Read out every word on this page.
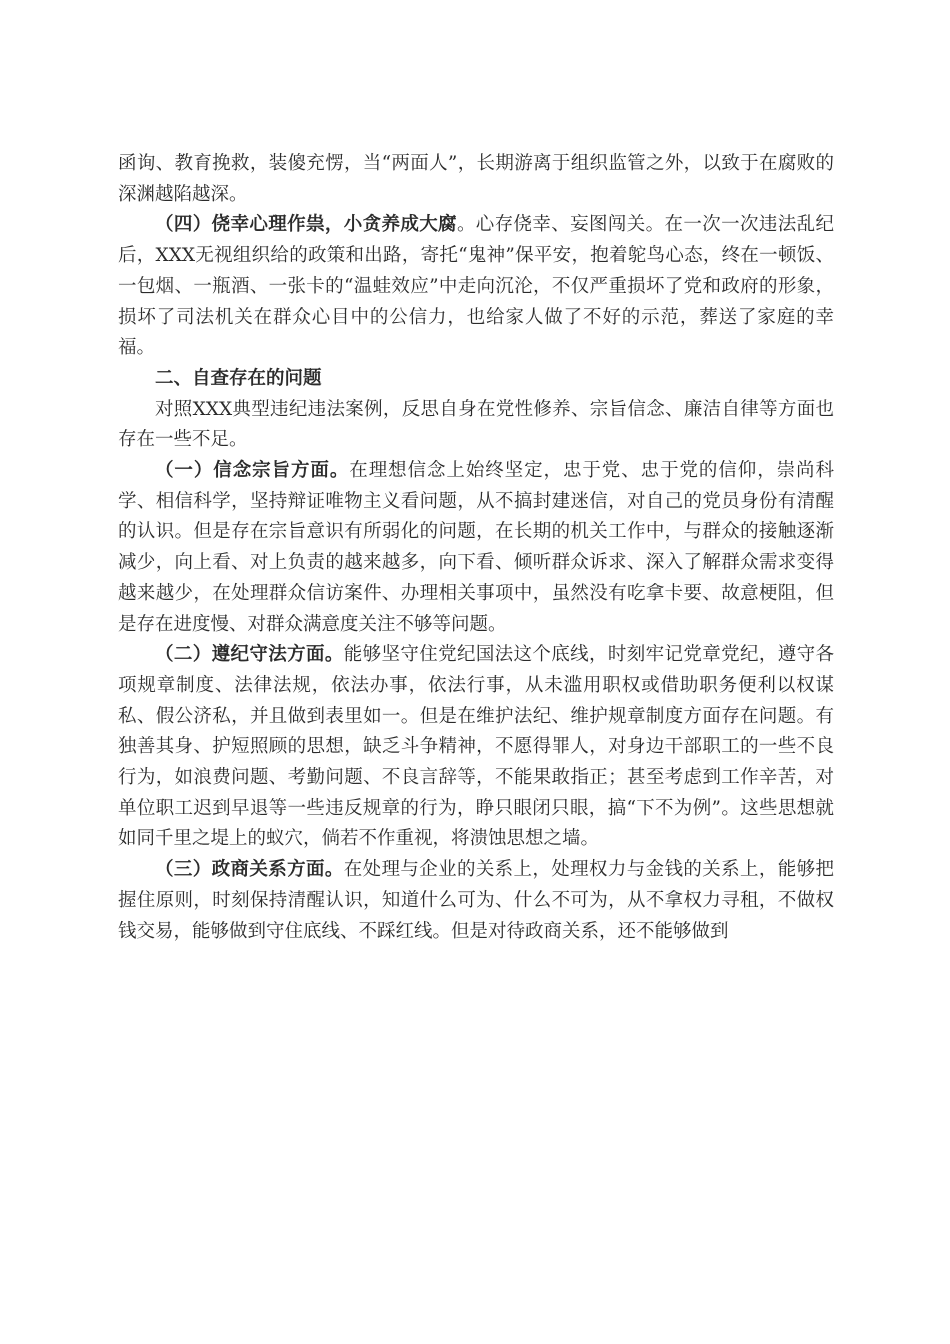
函询、教育挽救，装傻充愣，当“两面人”，长期游离于组织监管之外，以致于在腐败的深渊越陷越深。

（四）侥幸心理作祟，小贪养成大腐。心存侥幸、妄图闯关。在一次一次违法乱纪后，XXX无视组织给的政策和出路，寄托“鬼神”保平安，抱着鸵鸟心态，终在一顿饭、一包烟、一瓶酒、一张卡的“温蛙效应”中走向沉沦，不仅严重损坏了党和政府的形象，损坏了司法机关在群众心目中的公信力，也给家人做了不好的示范，葬送了家庭的幸福。

二、自查存在的问题

对照XXX典型违纪违法案例，反思自身在党性修养、宗旨信念、廉洁自律等方面也存在一些不足。

（一）信念宗旨方面。在理想信念上始终坚定，忠于党、忠于党的信仰，崇尚科学、相信科学，坚持辩证唯物主义看问题，从不搞封建迷信，对自己的党员身份有清醒的认识。但是存在宗旨意识有所弱化的问题，在长期的机关工作中，与群众的接触逐渐减少，向上看、对上负责的越来越多，向下看、倾听群众诉求、深入了解群众需求变得越来越少，在处理群众信访案件、办理相关事项中，虽然没有吃拿卡要、故意梗阻，但是存在进度慢、对群众满意度关注不够等问题。

（二）遵纪守法方面。能够坚守住党纪国法这个底线，时刻牢记党章党纪，遵守各项规章制度、法律法规，依法办事，依法行事，从未滥用职权或借助职务便利以权谋私、假公济私，并且做到表里如一。但是在维护法纪、维护规章制度方面存在问题。有独善其身、护短照顾的思想，缺乏斗争精神，不愿得罪人，对身边干部职工的一些不良行为，如浪费问题、考勤问题、不良言辞等，不能果敢指正；甚至考虑到工作辛苦，对单位职工迟到早退等一些违反规章的行为，睁只眼闭只眼，搞“下不为例”。这些思想就如同千里之堤上的蚁穴，倘若不作重视，将溃蚀思想之墙。

（三）政商关系方面。在处理与企业的关系上，处理权力与金钱的关系上，能够把握住原则，时刻保持清醒认识，知道什么可为、什么不可为，从不拿权力寻租，不做权钱交易，能够做到守住底线、不踩红线。但是对待政商关系，还不能够做到
